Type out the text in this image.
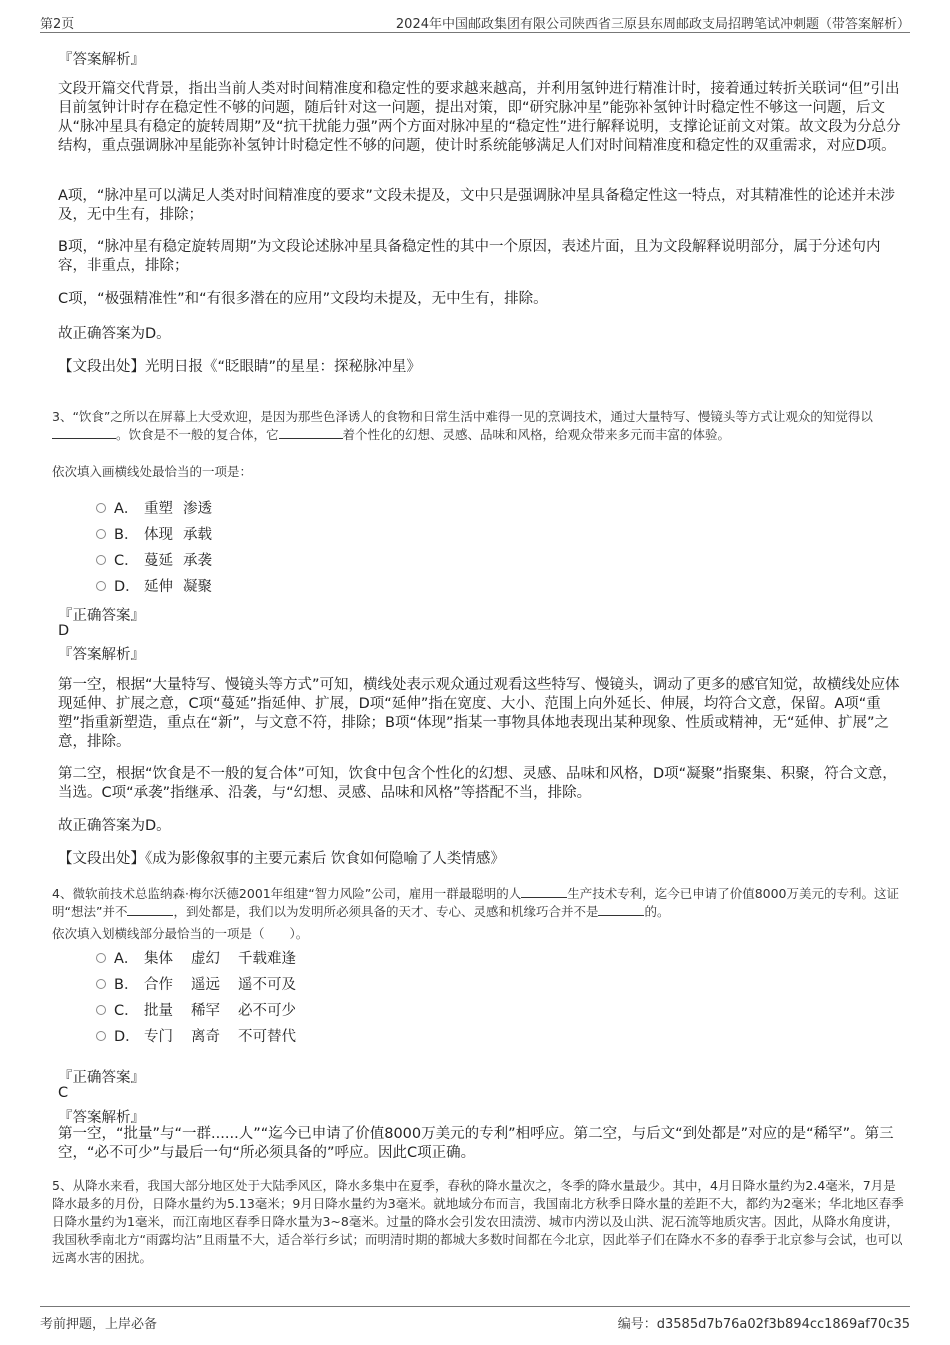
第2页	2024年中国邮政集团有限公司陕西省三原县东周邮政支局招聘笔试冲刺题（带答案解析）
『答案解析』

文段开篇交代背景，指出当前人类对时间精准度和稳定性的要求越来越高，并利用氢钟进行精准计时，接着通过转折关联词“但”引出目前氢钟计时存在稳定性不够的问题，随后针对这一问题，提出对策，即“研究脉冲星”能弥补氢钟计时稳定性不够这一问题，后文从“脉冲星具有稳定的旋转周期”及“抗干扰能力强”两个方面对脉冲星的“稳定性”进行解释说明，支撑论证前文对策。故文段为分总分结构，重点强调脉冲星能弥补氢钟计时稳定性不够的问题，使计时系统能够满足人们对时间精准度和稳定性的双重需求，对应D项。

A项，“脉冲星可以满足人类对时间精准度的要求”文段未提及，文中只是强调脉冲星具备稳定性这一特点，对其精准性的论述并未涉及，无中生有，排除；

B项，“脉冲星有稳定旋转周期”为文段论述脉冲星具备稳定性的其中一个原因，表述片面，且为文段解释说明部分，属于分述句内容，非重点，排除；

C项，“极强精准性”和“有很多潜在的应用”文段均未提及，无中生有，排除。

故正确答案为D。

【文段出处】光明日报《“眨眼睛”的星星：探秘脉冲星》

3、“饮食”之所以在屏幕上大受欢迎，是因为那些色泽诱人的食物和日常生活中难得一见的烹调技术，通过大量特写、慢镜头等方式让观众的知觉得以。饮食是不一般的复合体，它	着个性化的幻想、灵感、品味和风格，给观众带来多元而丰富的体验。

依次填入画横线处最恰当的一项是：

A． 重塑 渗透
B． 体现 承载
C． 蔓延 承袭
D． 延伸 凝聚
『正确答案』
D
『答案解析』

第一空，根据“大量特写、慢镜头等方式”可知，横线处表示观众通过观看这些特写、慢镜头，调动了更多的感官知觉，故横线处应体现延伸、扩展之意，C项“蔓延”指延伸、扩展，D项“延伸”指在宽度、大小、范围上向外延长、伸展，均符合文意，保留。A项“重塑”指重新塑造，重点在“新”，与文意不符，排除；B项“体现”指某一事物具体地表现出某种现象、性质或精神，无“延伸、扩展”之意，排除。

第二空，根据“饮食是不一般的复合体”可知，饮食中包含个性化的幻想、灵感、品味和风格，D项“凝聚”指聚集、积聚，符合文意，当选。C项“承袭”指继承、沿袭，与“幻想、灵感、品味和风格”等搭配不当，排除。

故正确答案为D。

【文段出处】《成为影像叙事的主要元素后 饮食如何隐喻了人类情感》

4、微软前技术总监纳森·梅尔沃德2001年组建“智力风险”公司，雇用一群最聪明的人	生产技术专利，迄今已申请了价值8000万美元的专利。这证明“想法”并不	，到处都是，我们以为发明所必须具备的天才、专心、灵感和机缘巧合并不是	的。

依次填入划横线部分最恰当的一项是（　　）。

A． 集体 虚幻 千载难逢
B． 合作 遥远 遥不可及
C． 批量 稀罕 必不可少
D． 专门 离奇 不可替代
『正确答案』
C
『答案解析』

第一空，“批量”与“一群......人”“迄今已申请了价值8000万美元的专利”相呼应。第二空，与后文“到处都是”对应的是“稀罕”。第三空，“必不可少”与最后一句“所必须具备的”呼应。因此C项正确。

5、从降水来看，我国大部分地区处于大陆季风区，降水多集中在夏季，春秋的降水量次之，冬季的降水量最少。其中，4月日降水量约为2.4毫米，7月是降水最多的月份，日降水量约为5.13毫米；9月日降水量约为3毫米。就地域分布而言，我国南北方秋季日降水量的差距不大，都约为2毫米；华北地区春季日降水量约为1毫米，而江南地区春季日降水量为3~8毫米。过量的降水会引发农田渍涝、城市内涝以及山洪、泥石流等地质灾害。因此，从降水角度讲，我国秋季南北方“雨露均沾”且雨量不大，适合举行乡试；而明清时期的都城大多数时间都在今北京，因此举子们在降水不多的春季于北京参与会试，也可以远离水害的困扰。

考前押题，上岸必备	编号：d3585d7b76a02f3b894cc1869af70c35
